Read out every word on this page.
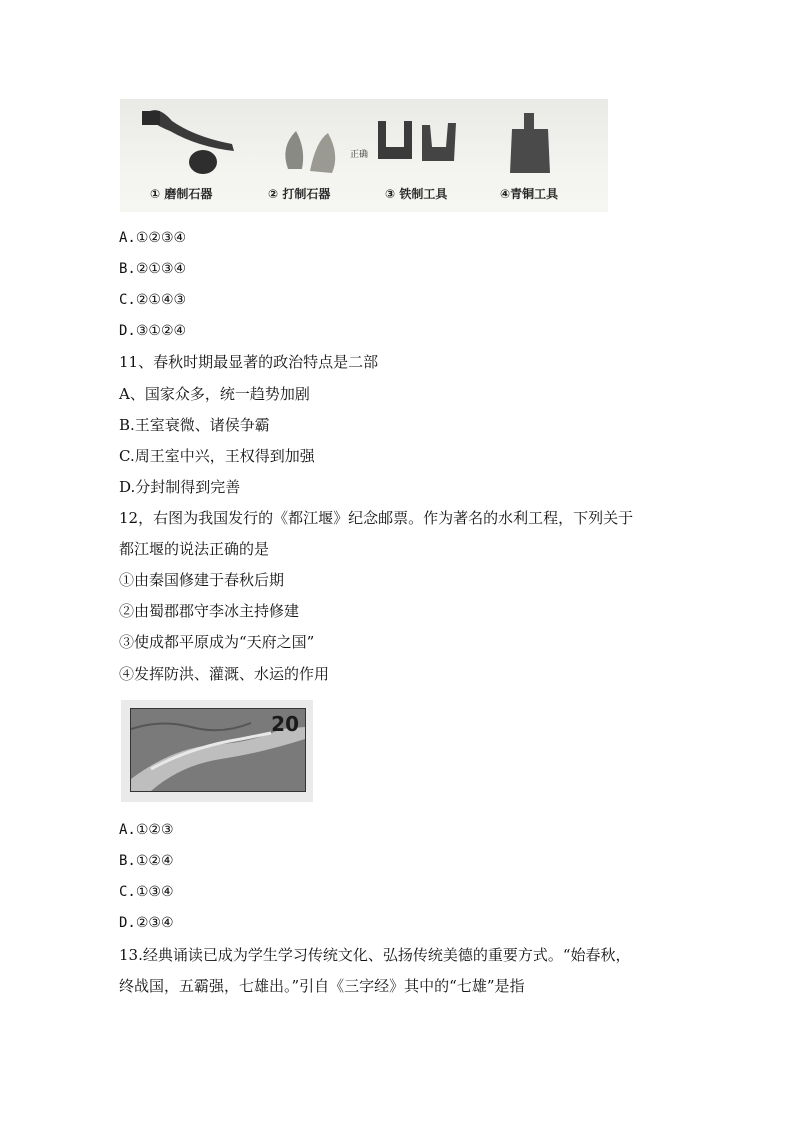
正确
① 磨制石器	② 打制石器	③ 铁制工具	④青铜工具
A.①②③④
B.②①③④
C.②①④③
D.③①②④
11、春秋时期最显著的政治特点是二部
A、国家众多，统一趋势加剧
B.王室衰微、诸侯争霸
C.周王室中兴，王权得到加强
D.分封制得到完善
12，右图为我国发行的《都江堰》纪念邮票。作为著名的水利工程，下列关于
都江堰的说法正确的是
①由秦国修建于春秋后期
②由蜀郡郡守李冰主持修建
③使成都平原成为“天府之国”
④发挥防洪、灌溉、水运的作用
20
A.①②③
B.①②④
C.①③④
D.②③④
13.经典诵读已成为学生学习传统文化、弘扬传统美德的重要方式。“始春秋，
终战国，五霸强，七雄出。”引自《三字经》其中的“七雄”是指
